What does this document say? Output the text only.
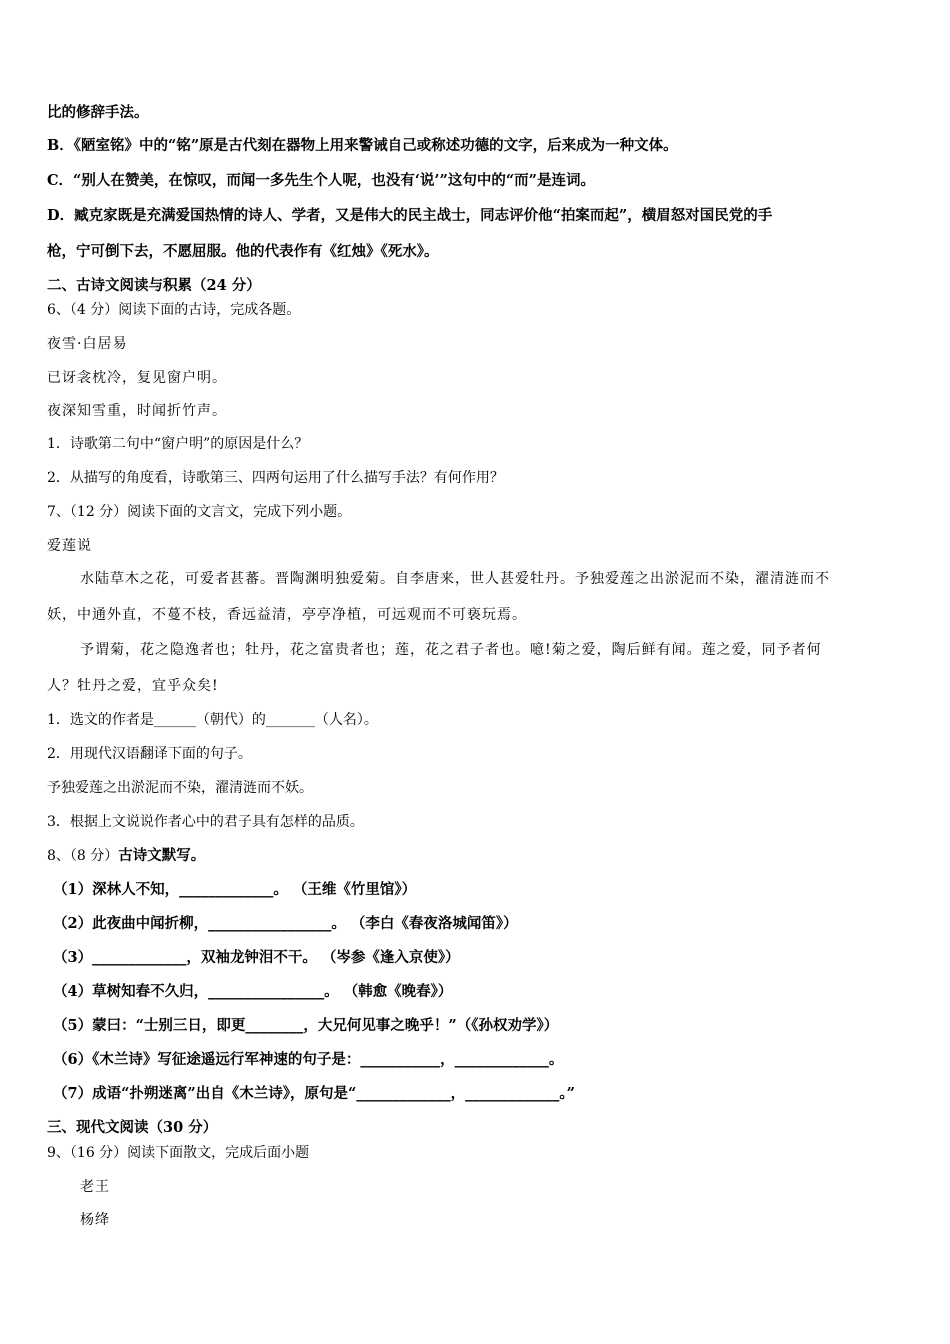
比的修辞手法。
B．《陋室铭》中的“铭”原是古代刻在器物上用来警诫自己或称述功德的文字，后来成为一种文体。
C．“别人在赞美，在惊叹，而闻一多先生个人呢，也没有‘说’”这句中的“而”是连词。
D．臧克家既是充满爱国热情的诗人、学者，又是伟大的民主战士，同志评价他“拍案而起”，横眉怒对国民党的手
枪，宁可倒下去，不愿屈服。他的代表作有《红烛》《死水》。
二、古诗文阅读与积累（24 分）
6、（4 分）阅读下面的古诗，完成各题。
夜雪·白居易
已讶衾枕冷，复见窗户明。
夜深知雪重，时闻折竹声。
1．诗歌第二句中“窗户明”的原因是什么？
2．从描写的角度看，诗歌第三、四两句运用了什么描写手法？有何作用？
7、（12 分）阅读下面的文言文，完成下列小题。
爱莲说
水陆草木之花，可爱者甚蕃。晋陶渊明独爱菊。自李唐来，世人甚爱牡丹。予独爱莲之出淤泥而不染，濯清涟而不
妖，中通外直，不蔓不枝，香远益清，亭亭净植，可远观而不可亵玩焉。
予谓菊，花之隐逸者也；牡丹，花之富贵者也；莲，花之君子者也。噫!菊之爱，陶后鲜有闻。莲之爱，同予者何
人？牡丹之爱，宜乎众矣!
1．选文的作者是______（朝代）的_______（人名）。
2．用现代汉语翻译下面的句子。
予独爱莲之出淤泥而不染，濯清涟而不妖。
3．根据上文说说作者心中的君子具有怎样的品质。
8、（8 分）古诗文默写。
（1）深林人不知，_____________。 （王维《竹里馆》）
（2）此夜曲中闻折柳，_________________。 （李白《春夜洛城闻笛》）
（3）_____________，双袖龙钟泪不干。 （岑参《逢入京使》）
（4）草树知春不久归，________________。 （韩愈《晚春》）
（5）蒙曰：“士别三日，即更________，大兄何见事之晚乎！”（《孙权劝学》）
（6）《木兰诗》写征途遥远行军神速的句子是：___________，_____________。
（7）成语“扑朔迷离”出自《木兰诗》，原句是“_____________，_____________。”
三、现代文阅读（30 分）
9、（16 分）阅读下面散文，完成后面小题
老王
杨绛
